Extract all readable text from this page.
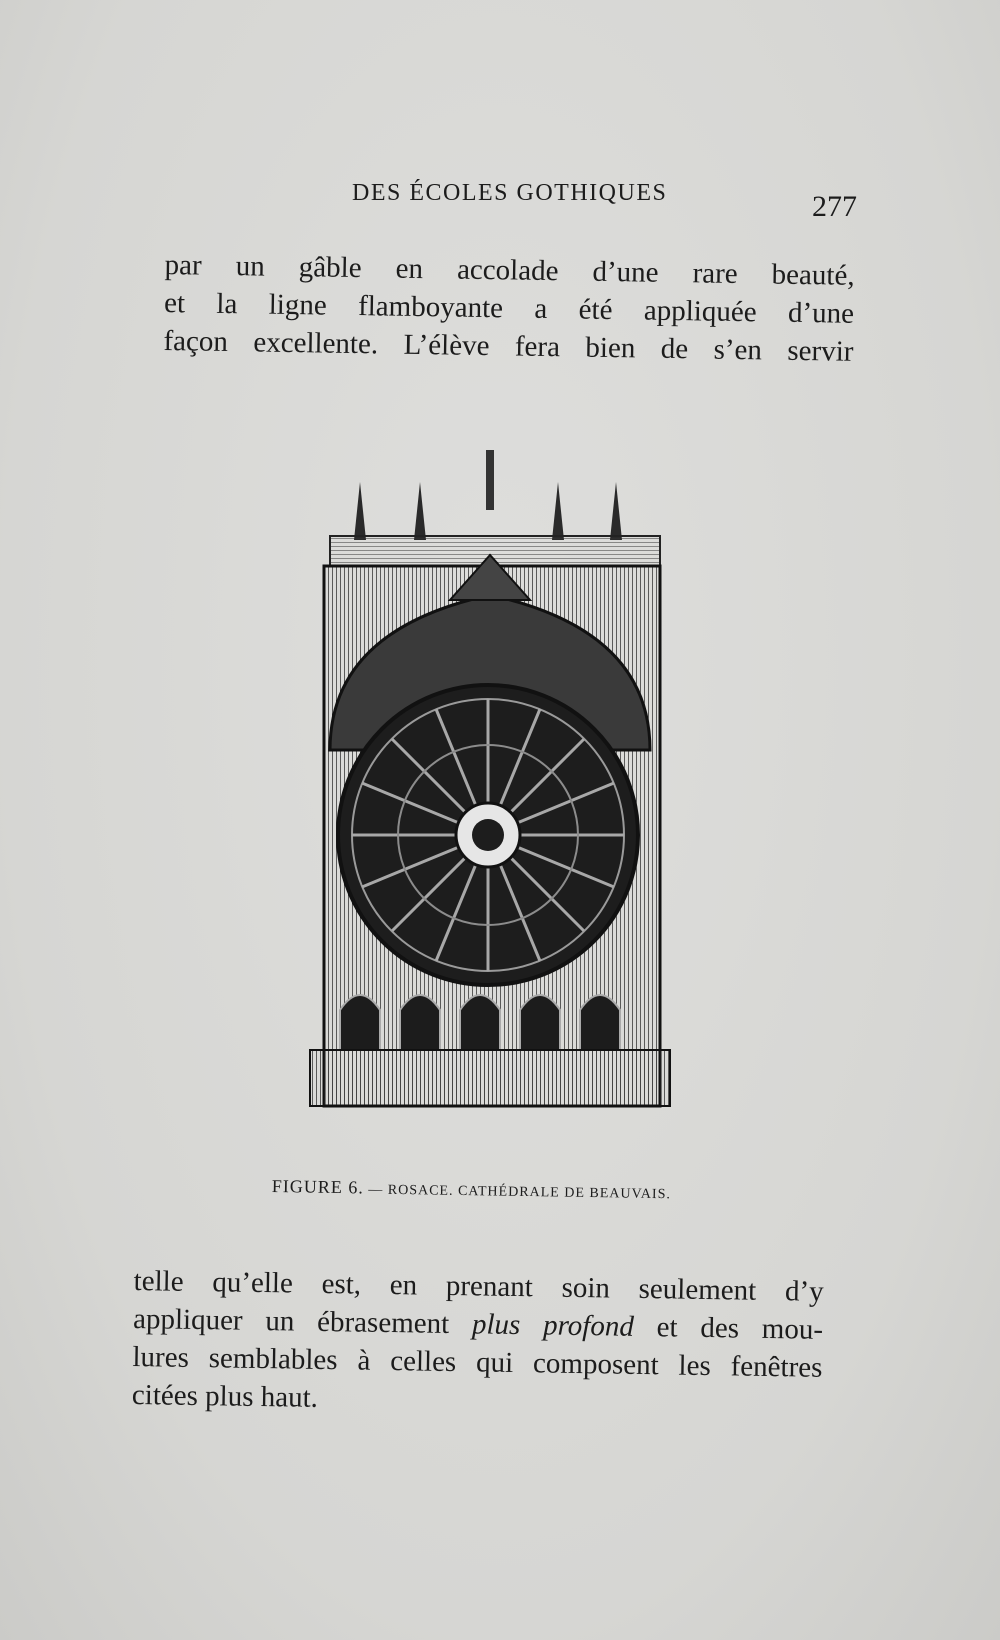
DES ÉCOLES GOTHIQUES	277
par un gâble en accolade d’une rare beauté,
et la ligne flamboyante a été appliquée d’une
façon excellente. L’élève fera bien de s’en servir
FIGURE 6. — ROSACE. CATHÉDRALE DE BEAUVAIS.
telle qu’elle est, en prenant soin seulement d’y
appliquer un ébrasement plus profond et des mou-
lures semblables à celles qui composent les fenêtres
citées plus haut.
